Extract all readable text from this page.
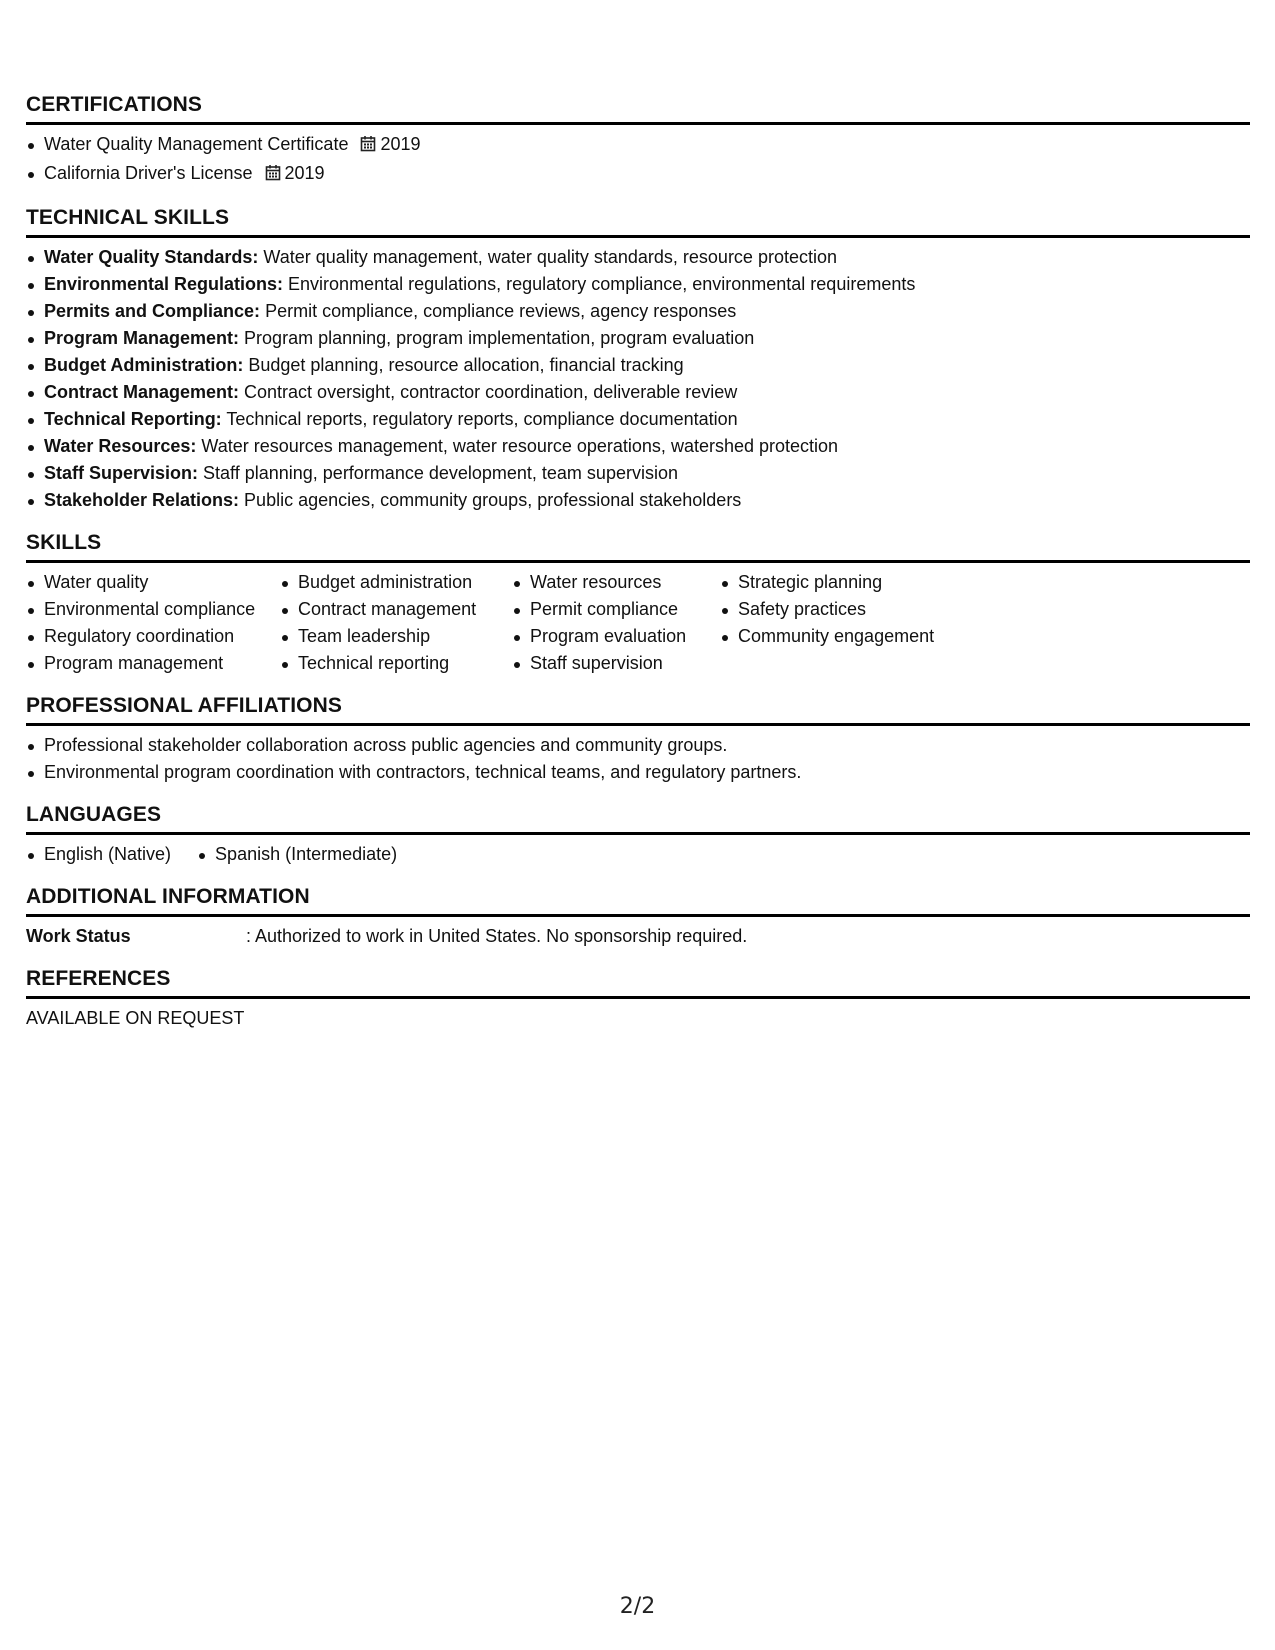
CERTIFICATIONS
Water Quality Management Certificate 2019
California Driver's License 2019
TECHNICAL SKILLS
Water Quality Standards: Water quality management, water quality standards, resource protection
Environmental Regulations: Environmental regulations, regulatory compliance, environmental requirements
Permits and Compliance: Permit compliance, compliance reviews, agency responses
Program Management: Program planning, program implementation, program evaluation
Budget Administration: Budget planning, resource allocation, financial tracking
Contract Management: Contract oversight, contractor coordination, deliverable review
Technical Reporting: Technical reports, regulatory reports, compliance documentation
Water Resources: Water resources management, water resource operations, watershed protection
Staff Supervision: Staff planning, performance development, team supervision
Stakeholder Relations: Public agencies, community groups, professional stakeholders
SKILLS
Water quality
Environmental compliance
Regulatory coordination
Program management
Budget administration
Contract management
Team leadership
Technical reporting
Water resources
Permit compliance
Program evaluation
Staff supervision
Strategic planning
Safety practices
Community engagement
PROFESSIONAL AFFILIATIONS
Professional stakeholder collaboration across public agencies and community groups.
Environmental program coordination with contractors, technical teams, and regulatory partners.
LANGUAGES
English (Native)	Spanish (Intermediate)
ADDITIONAL INFORMATION
Work Status	: Authorized to work in United States. No sponsorship required.
REFERENCES
AVAILABLE ON REQUEST
2/2
